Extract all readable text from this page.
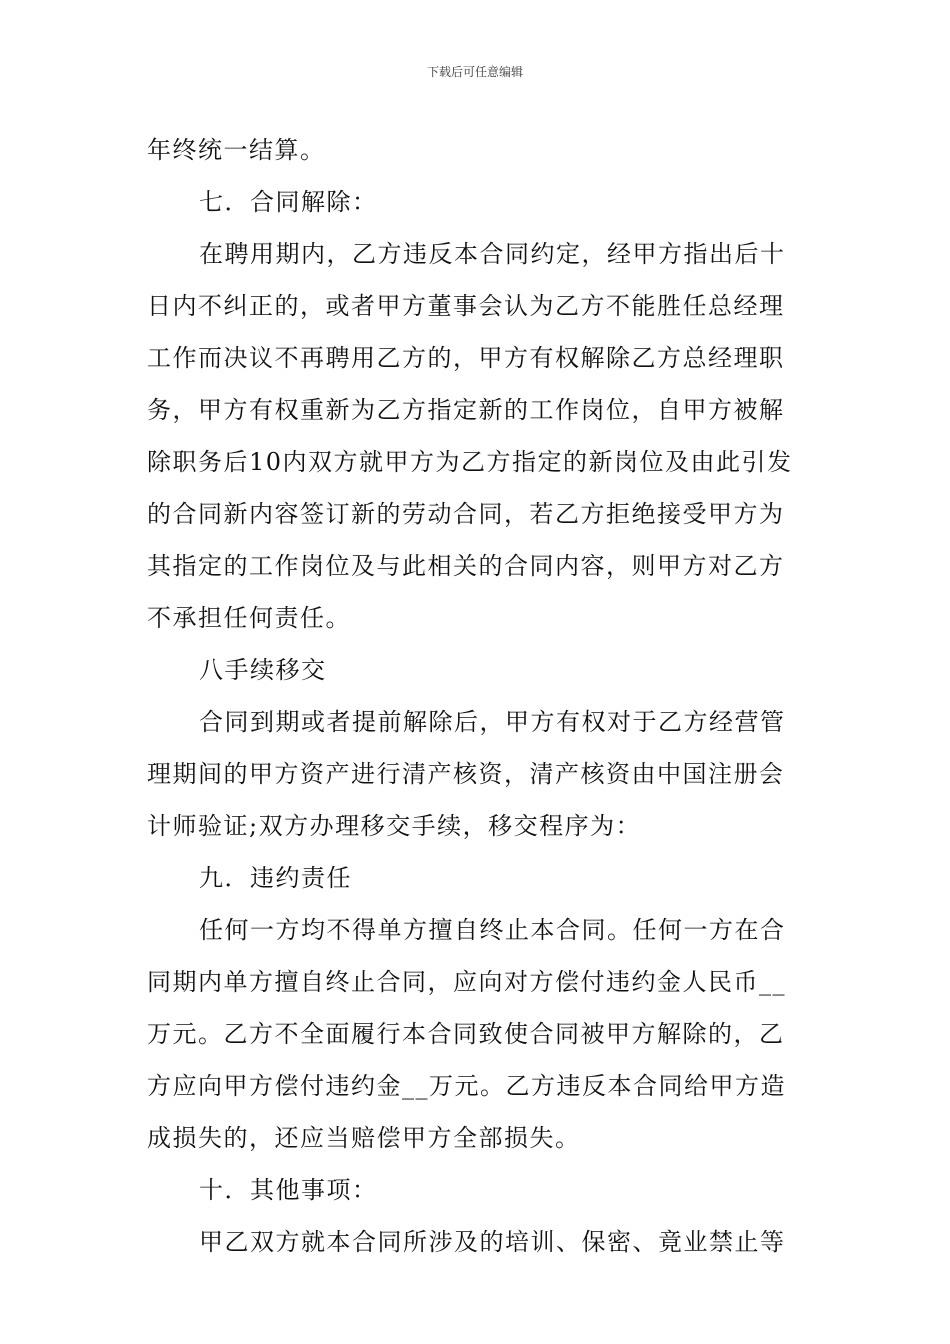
下载后可任意编辑
年终统一结算。
七．合同解除：
在聘用期内，乙方违反本合同约定，经甲方指出后十
日内不纠正的，或者甲方董事会认为乙方不能胜任总经理
工作而决议不再聘用乙方的，甲方有权解除乙方总经理职
务，甲方有权重新为乙方指定新的工作岗位，自甲方被解
除职务后10内双方就甲方为乙方指定的新岗位及由此引发
的合同新内容签订新的劳动合同，若乙方拒绝接受甲方为
其指定的工作岗位及与此相关的合同内容，则甲方对乙方
不承担任何责任。
八手续移交
合同到期或者提前解除后，甲方有权对于乙方经营管
理期间的甲方资产进行清产核资，清产核资由中国注册会
计师验证;双方办理移交手续，移交程序为：
九．违约责任
任何一方均不得单方擅自终止本合同。任何一方在合
同期内单方擅自终止合同，应向对方偿付违约金人民币__
万元。乙方不全面履行本合同致使合同被甲方解除的，乙
方应向甲方偿付违约金__万元。乙方违反本合同给甲方造
成损失的，还应当赔偿甲方全部损失。
十．其他事项：
甲乙双方就本合同所涉及的培训、保密、竟业禁止等
